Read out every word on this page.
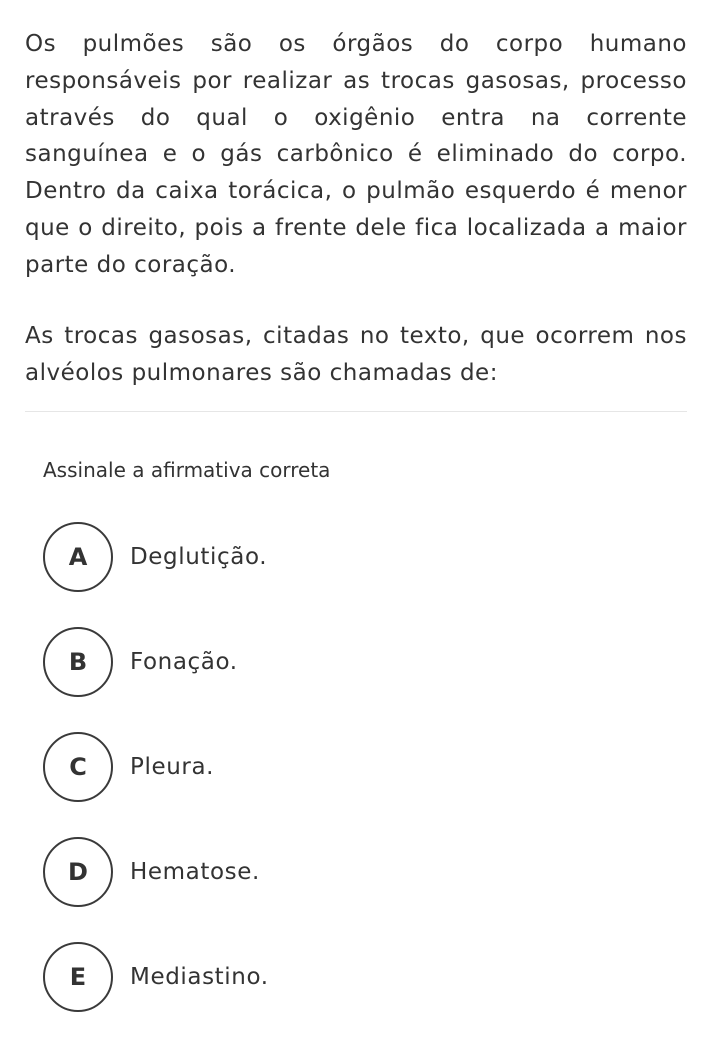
Os pulmões são os órgãos do corpo humano responsáveis por realizar as trocas gasosas, processo através do qual o oxigênio entra na corrente sanguínea e o gás carbônico é eliminado do corpo. Dentro da caixa torácica, o pulmão esquerdo é menor que o direito, pois a frente dele fica localizada a maior parte do coração.

As trocas gasosas, citadas no texto, que ocorrem nos alvéolos pulmonares são chamadas de:

Assinale a afirmativa correta

A	Deglutição.
B	Fonação.
C	Pleura.
D	Hematose.
E	Mediastino.
